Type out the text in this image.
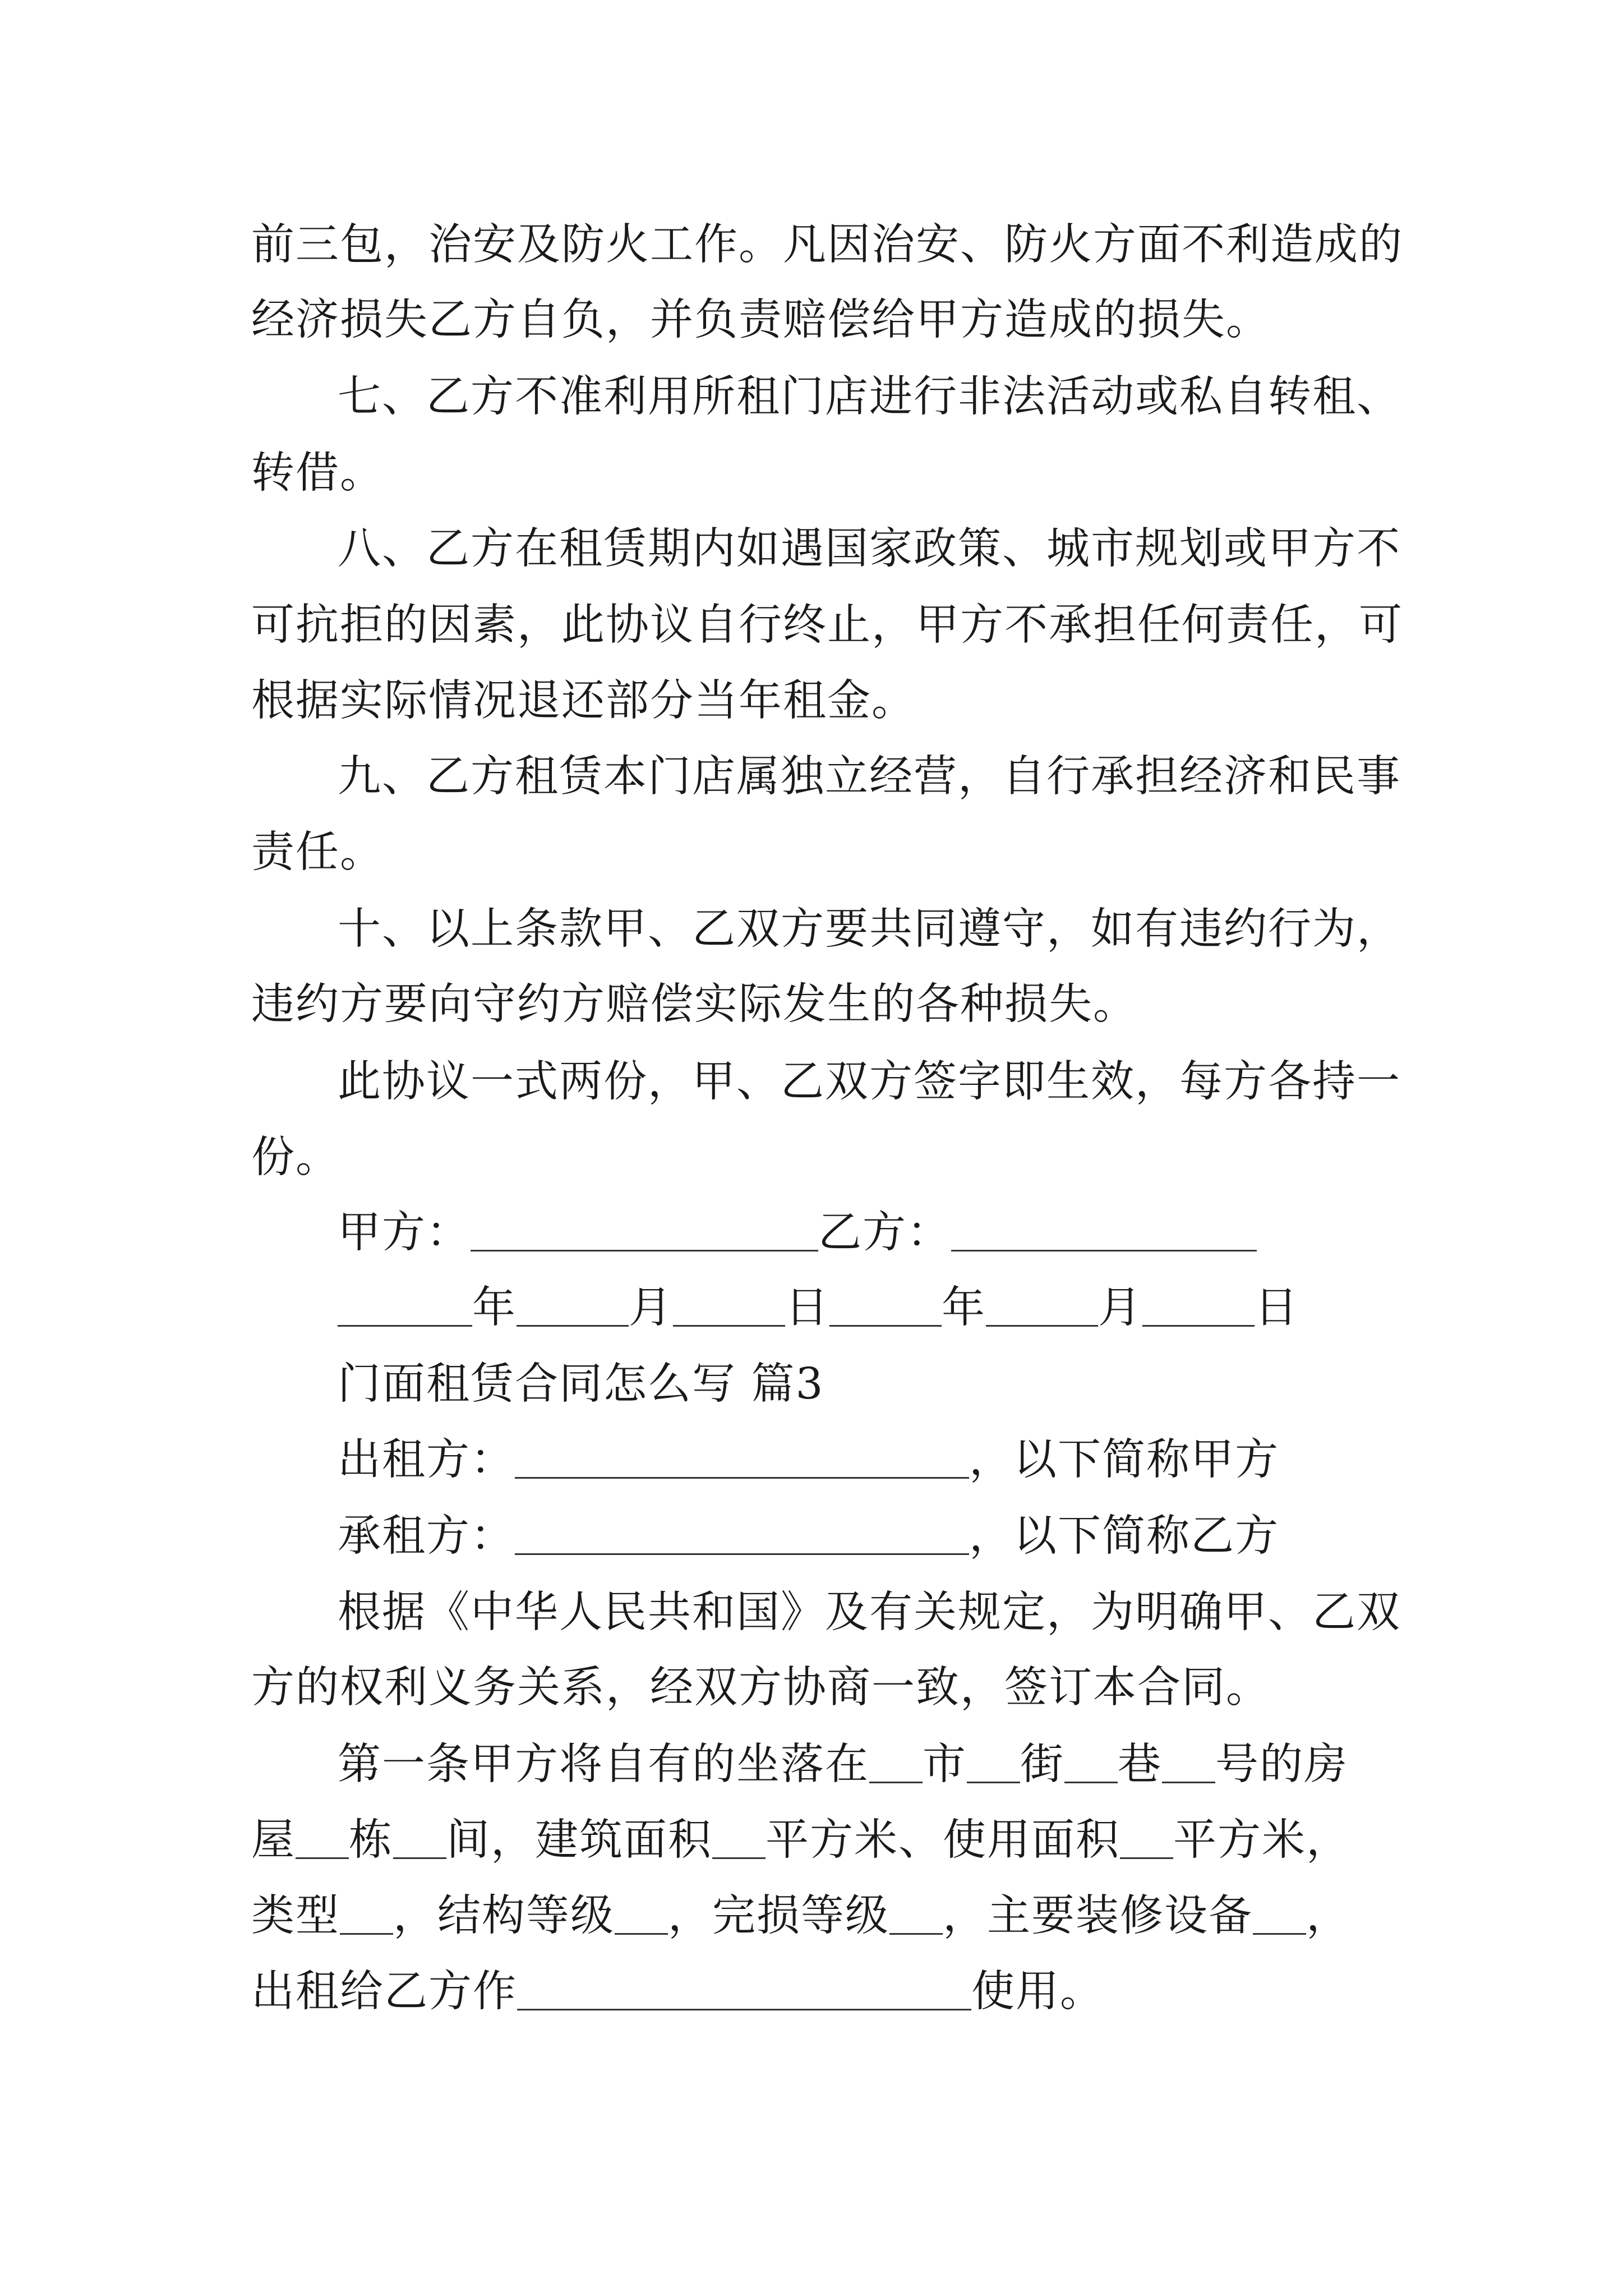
前三包，治安及防火工作。凡因治安、防火方面不利造成的
经济损失乙方自负，并负责赔偿给甲方造成的损失。
七、乙方不准利用所租门店进行非法活动或私自转租、
转借。
八、乙方在租赁期内如遇国家政策、城市规划或甲方不
可抗拒的因素，此协议自行终止，甲方不承担任何责任，可
根据实际情况退还部分当年租金。
九、乙方租赁本门店属独立经营，自行承担经济和民事
责任。
十、以上条款甲、乙双方要共同遵守，如有违约行为，
违约方要向守约方赔偿实际发生的各种损失。
此协议一式两份，甲、乙双方签字即生效，每方各持一
份。
甲方：	乙方：
年	月	日	年	月	日
门面租赁合同怎么写 篇3
出租方：	，以下简称甲方
承租方：	，以下简称乙方
根据《中华人民共和国》及有关规定，为明确甲、乙双
方的权利义务关系，经双方协商一致，签订本合同。
第一条甲方将自有的坐落在 市 街 巷 号的房
屋 栋 间，建筑面积 平方米、使用面积 平方米，
类型 ，结构等级 ，完损等级 ，主要装修设备 ，
出租给乙方作	使用。
